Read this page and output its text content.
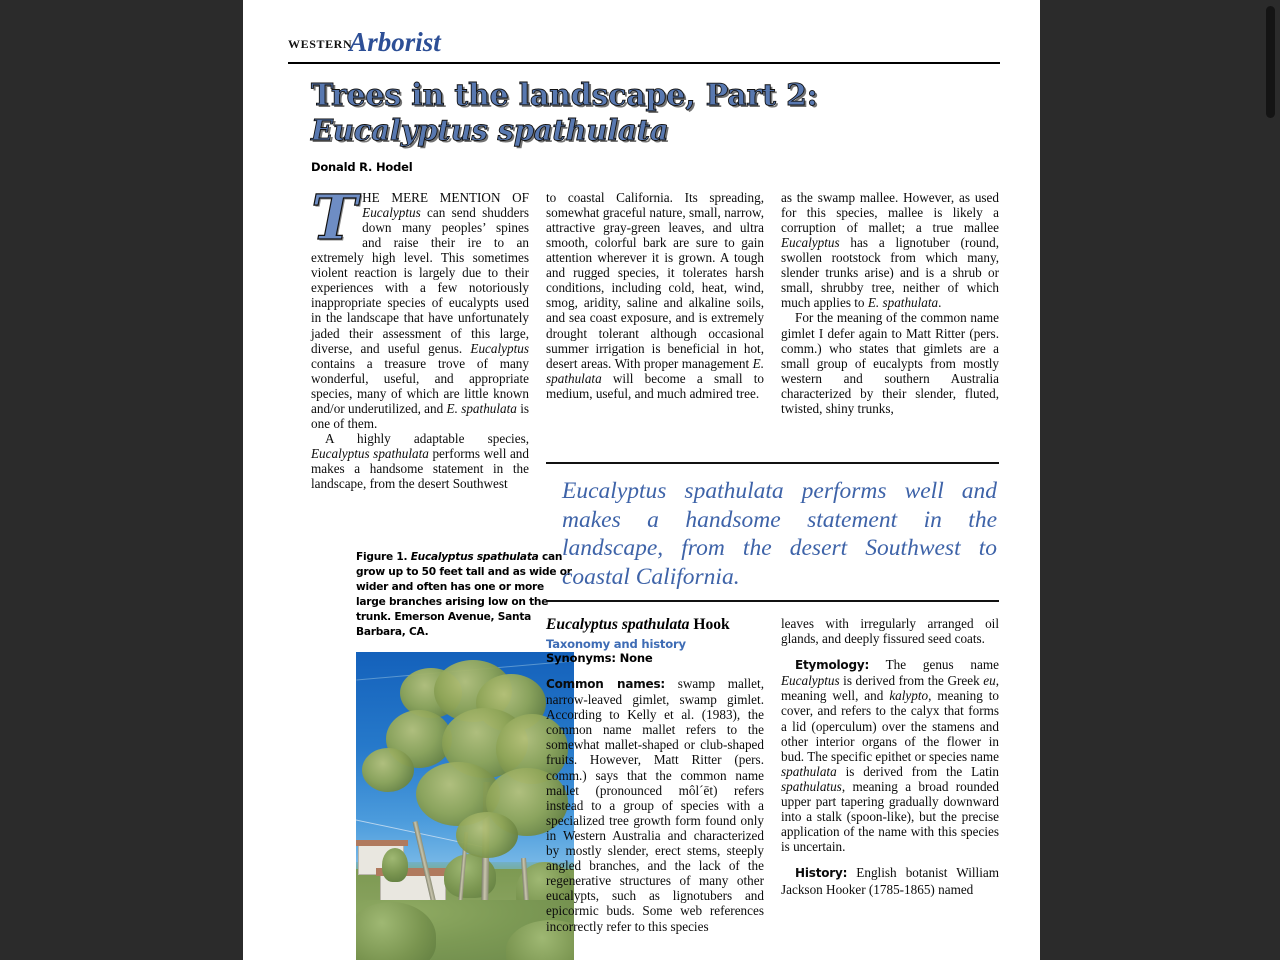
westernArborist
Trees in the landscape, Part 2:
Eucalyptus spathulata
Donald R. Hodel

THE MERE MENTION OF Eucalyptus can send shudders down many peoples’ spines and raise their ire to an extremely high level. This sometimes violent reaction is largely due to their experiences with a few notoriously inappropriate species of eucalypts used in the landscape that have unfortunately jaded their assessment of this large, diverse, and useful genus. Eucalyptus contains a treasure trove of many wonderful, useful, and appropriate species, many of which are little known and/or underutilized, and E. spathulata is one of them.

A highly adaptable species, Eucalyptus spathulata performs well and makes a handsome statement in the landscape, from the desert Southwest

to coastal California. Its spreading, somewhat graceful nature, small, narrow, attractive gray-green leaves, and ultra smooth, colorful bark are sure to gain attention wherever it is grown. A tough and rugged species, it tolerates harsh conditions, including cold, heat, wind, smog, aridity, saline and alkaline soils, and sea coast exposure, and is extremely drought tolerant although occasional summer irrigation is beneficial in hot, desert areas. With proper management E. spathulata will become a small to medium, useful, and much admired tree.

as the swamp mallee. However, as used for this species, mallee is likely a corruption of mallet; a true mallee Eucalyptus has a lignotuber (round, swollen rootstock from which many, slender trunks arise) and is a shrub or small, shrubby tree, neither of which much applies to E. spathulata.

For the meaning of the common name gimlet I defer again to Matt Ritter (pers. comm.) who states that gimlets are a small group of eucalypts from mostly western and southern Australia characterized by their slender, fluted, twisted, shiny trunks,

Figure 1. Eucalyptus spathulata can grow up to 50 feet tall and as wide or wider and often has one or more large branches arising low on the trunk. Emerson Avenue, Santa Barbara, CA.

Eucalyptus spathulata performs well and makes a handsome statement in the landscape, from the desert Southwest to coastal California.

Eucalyptus spathulata Hook

Taxonomy and history

Synonyms: None

Common names: swamp mallet, narrow-leaved gimlet, swamp gimlet. According to Kelly et al. (1983), the common name mallet refers to the somewhat mallet-shaped or club-shaped fruits. However, Matt Ritter (pers. comm.) says that the common name mallet (pronounced môl´ēt) refers instead to a group of species with a specialized tree growth form found only in Western Australia and characterized by mostly slender, erect stems, steeply angled branches, and the lack of the regenerative structures of many other eucalypts, such as lignotubers and epicormic buds. Some web references incorrectly refer to this species

leaves with irregularly arranged oil glands, and deeply fissured seed coats.

Etymology: The genus name Eucalyptus is derived from the Greek eu, meaning well, and kalypto, meaning to cover, and refers to the calyx that forms a lid (operculum) over the stamens and other interior organs of the flower in bud. The specific epithet or species name spathulata is derived from the Latin spathulatus, meaning a broad rounded upper part tapering gradually downward into a stalk (spoon-like), but the precise application of the name with this species is uncertain.

History: English botanist William Jackson Hooker (1785-1865) named
